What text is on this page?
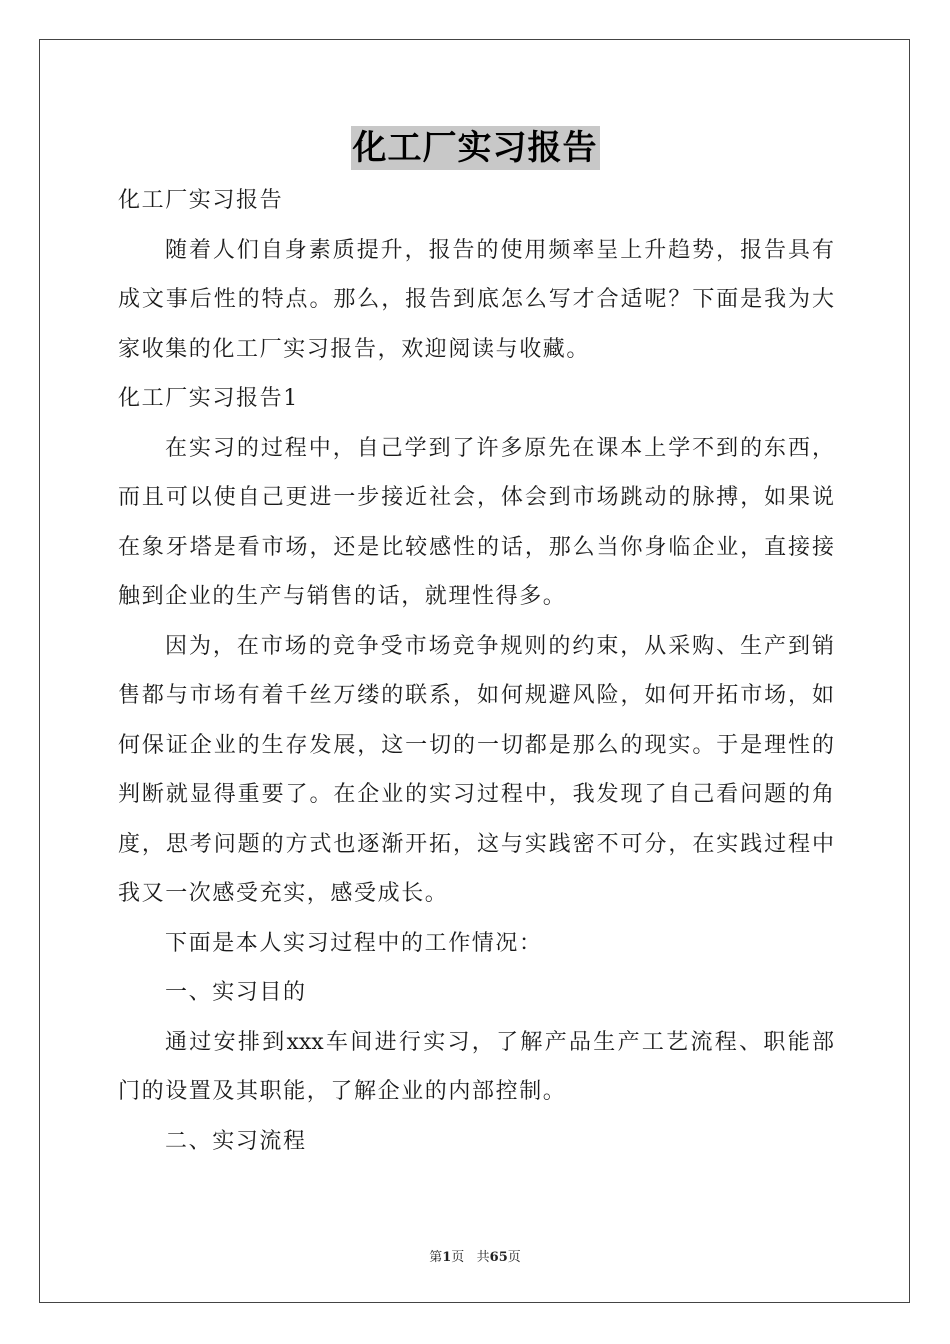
化工厂实习报告
化工厂实习报告
随着人们自身素质提升，报告的使用频率呈上升趋势，报告具有
成文事后性的特点。那么，报告到底怎么写才合适呢？下面是我为大
家收集的化工厂实习报告，欢迎阅读与收藏。
化工厂实习报告1
在实习的过程中，自己学到了许多原先在课本上学不到的东西，
而且可以使自己更进一步接近社会，体会到市场跳动的脉搏，如果说
在象牙塔是看市场，还是比较感性的话，那么当你身临企业，直接接
触到企业的生产与销售的话，就理性得多。
因为，在市场的竞争受市场竞争规则的约束，从采购、生产到销
售都与市场有着千丝万缕的联系，如何规避风险，如何开拓市场，如
何保证企业的生存发展，这一切的一切都是那么的现实。于是理性的
判断就显得重要了。在企业的实习过程中，我发现了自己看问题的角
度，思考问题的方式也逐渐开拓，这与实践密不可分，在实践过程中
我又一次感受充实，感受成长。
下面是本人实习过程中的工作情况：
一、实习目的
通过安排到xxx车间进行实习，了解产品生产工艺流程、职能部
门的设置及其职能，了解企业的内部控制。
二、实习流程
第1页   共65页
